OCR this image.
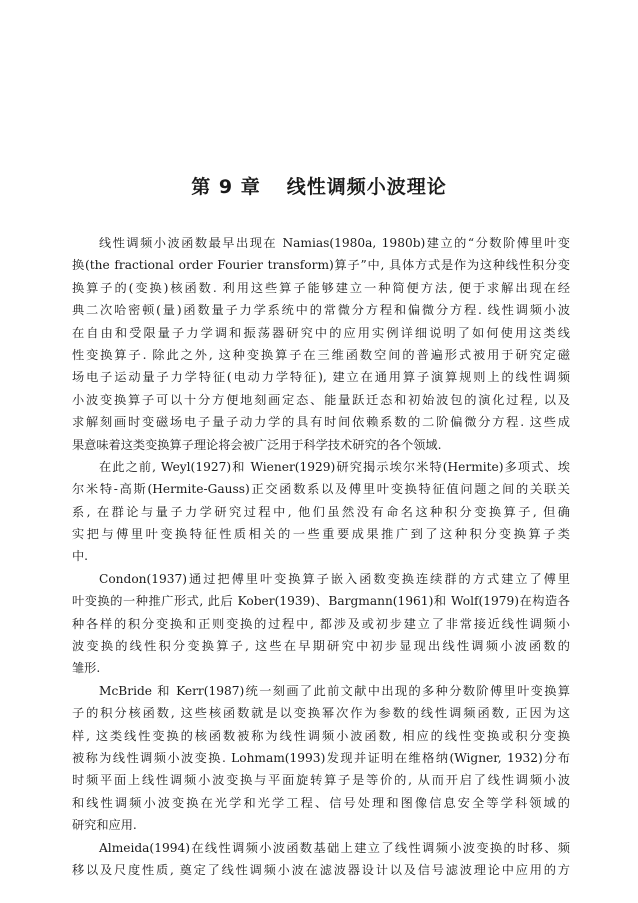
第 9 章 线性调频小波理论
线性调频小波函数最早出现在 Namias(1980a, 1980b)建立的“分数阶傅里叶变
换(the fractional order Fourier transform)算子”中, 具体方式是作为这种线性积分变
换算子的(变换)核函数. 利用这些算子能够建立一种简便方法, 便于求解出现在经
典二次哈密顿(量)函数量子力学系统中的常微分方程和偏微分方程. 线性调频小波
在自由和受限量子力学调和振荡器研究中的应用实例详细说明了如何使用这类线
性变换算子. 除此之外, 这种变换算子在三维函数空间的普遍形式被用于研究定磁
场电子运动量子力学特征(电动力学特征), 建立在通用算子演算规则上的线性调频
小波变换算子可以十分方便地刻画定态、能量跃迁态和初始波包的演化过程, 以及
求解刻画时变磁场电子量子动力学的具有时间依赖系数的二阶偏微分方程. 这些成
果意味着这类变换算子理论将会被广泛用于科学技术研究的各个领域.
在此之前, Weyl(1927)和 Wiener(1929)研究揭示埃尔米特(Hermite)多项式、埃
尔米特-高斯(Hermite-Gauss)正交函数系以及傅里叶变换特征值问题之间的关联关
系, 在群论与量子力学研究过程中, 他们虽然没有命名这种积分变换算子, 但确
实把与傅里叶变换特征性质相关的一些重要成果推广到了这种积分变换算子类
中.
Condon(1937)通过把傅里叶变换算子嵌入函数变换连续群的方式建立了傅里
叶变换的一种推广形式, 此后 Kober(1939)、Bargmann(1961)和 Wolf(1979)在构造各
种各样的积分变换和正则变换的过程中, 都涉及或初步建立了非常接近线性调频小
波变换的线性积分变换算子, 这些在早期研究中初步显现出线性调频小波函数的
雏形.
McBride 和 Kerr(1987)统一刻画了此前文献中出现的多种分数阶傅里叶变换算
子的积分核函数, 这些核函数就是以变换幂次作为参数的线性调频函数, 正因为这
样, 这类线性变换的核函数被称为线性调频小波函数, 相应的线性变换或积分变换
被称为线性调频小波变换. Lohmam(1993)发现并证明在维格纳(Wigner, 1932)分布
时频平面上线性调频小波变换与平面旋转算子是等价的, 从而开启了线性调频小波
和线性调频小波变换在光学和光学工程、信号处理和图像信息安全等学科领域的
研究和应用.
Almeida(1994)在线性调频小波函数基础上建立了线性调频小波变换的时移、频
移以及尺度性质, 奠定了线性调频小波在滤波器设计以及信号滤波理论中应用的方
